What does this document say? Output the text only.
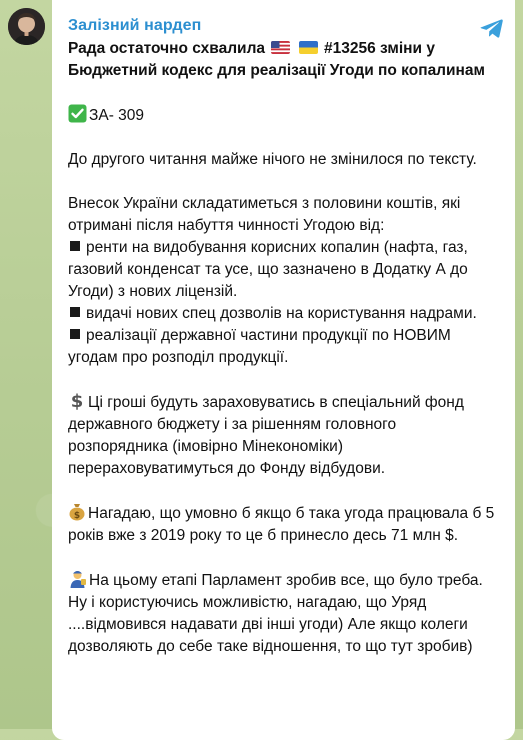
Залізний нардеп

Рада остаточно схвалила	#13256 зміни у Бюджетний кодекс для реалізації Угоди по копалинам

ЗА- 309

До другого читання майже нічого не змінилося по тексту.

Внесок України складатиметься з половини коштів, які отримані після набуття чинності Угодою від:

ренти на видобування корисних копалин (нафта, газ, газовий конденсат та усе, що зазначено в Додатку А до Угоди) з нових ліцензій.

видачі нових спец дозволів на користування надрами.

реалізації державної частини продукції по НОВИМ угодам про розподіл продукції.

$ Ці гроші будуть зараховуватись в спеціальний фонд державного бюджету і за рішенням головного розпорядника (імовірно Мінекономіки) перераховуватимуться до Фонду відбудови.

$ Нагадаю, що умовно б якщо б така угода працювала б 5 років вже з 2019 року то це б принесло десь 71 млн $.

На цьому етапі Парламент зробив все, що було треба. Ну і користуючись можливістю, нагадаю, що Уряд ....відмовився надавати дві інші угоди) Але якщо колеги дозволяють до себе таке відношення, то що тут зробив)
